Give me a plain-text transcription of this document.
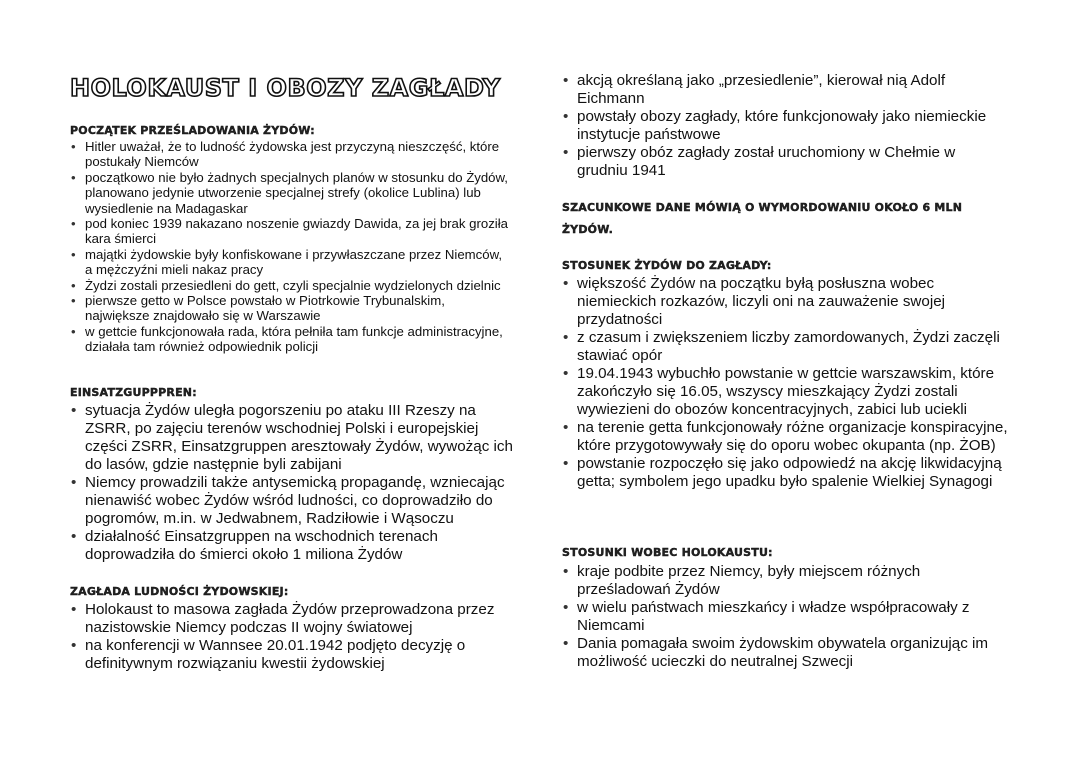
HOLOKAUST I OBOZY ZAGŁADY
POCZĄTEK PRZEŚLADOWANIA ŻYDÓW:
• Hitler uważał, że to ludność żydowska jest przyczyną nieszczęść, które postukały Niemców
• początkowo nie było żadnych specjalnych planów w stosunku do Żydów, planowano jedynie utworzenie specjalnej strefy (okolice Lublina) lub wysiedlenie na Madagaskar
• pod koniec 1939 nakazano noszenie gwiazdy Dawida, za jej brak groziła kara śmierci
• majątki żydowskie były konfiskowane i przywłaszczane przez Niemców, a mężczyźni mieli nakaz pracy
• Żydzi zostali przesiedleni do gett, czyli specjalnie wydzielonych dzielnic
• pierwsze getto w Polsce powstało w Piotrkowie Trybunalskim, największe znajdowało się w Warszawie
• w gettcie funkcjonowała rada, która pełniła tam funkcje administracyjne, działała tam również odpowiednik policji
EINSATZGUPPPREN:
• sytuacja Żydów uległa pogorszeniu po ataku III Rzeszy na ZSRR, po zajęciu terenów wschodniej Polski i europejskiej części ZSRR, Einsatzgruppen aresztowały Żydów, wywożąc ich do lasów, gdzie następnie byli zabijani
• Niemcy prowadzili także antysemicką propagandę, wzniecając nienawiść wobec Żydów wśród ludności, co doprowadziło do pogromów, m.in. w Jedwabnem, Radziłowie i Wąsoczu
• działalność Einsatzgruppen na wschodnich terenach doprowadziła do śmierci około 1 miliona Żydów
ZAGŁADA LUDNOŚCI ŻYDOWSKIEJ:
• Holokaust to masowa zagłada Żydów przeprowadzona przez nazistowskie Niemcy podczas II wojny światowej
• na konferencji w Wannsee 20.01.1942 podjęto decyzję o definitywnym rozwiązaniu kwestii żydowskiej
• akcją określaną jako „przesiedlenie”, kierował nią Adolf Eichmann
• powstały obozy zagłady, które funkcjonowały jako niemieckie instytucje państwowe
• pierwszy obóz zagłady został uruchomiony w Chełmie w grudniu 1941
SZACUNKOWE DANE MÓWIĄ O WYMORDOWANIU OKOŁO 6 MLN ŻYDÓW.
STOSUNEK ŻYDÓW DO ZAGŁADY:
• większość Żydów na początku byłą posłuszna wobec niemieckich rozkazów, liczyli oni na zauważenie swojej przydatności
• z czasum i zwiększeniem liczby zamordowanych, Żydzi zaczęli stawiać opór
• 19.04.1943 wybuchło powstanie w gettcie warszawskim, które zakończyło się 16.05, wszyscy mieszkający Żydzi zostali wywiezieni do obozów koncentracyjnych, zabici lub uciekli
• na terenie getta funkcjonowały różne organizacje konspiracyjne, które przygotowywały się do oporu wobec okupanta (np. ŻOB)
• powstanie rozpoczęło się jako odpowiedź na akcję likwidacyjną getta; symbolem jego upadku było spalenie Wielkiej Synagogi
STOSUNKI WOBEC HOLOKAUSTU:
• kraje podbite przez Niemcy, były miejscem różnych prześladowań Żydów
• w wielu państwach mieszkańcy i władze współpracowały z Niemcami
• Dania pomagała swoim żydowskim obywatela organizując im możliwość ucieczki do neutralnej Szwecji
